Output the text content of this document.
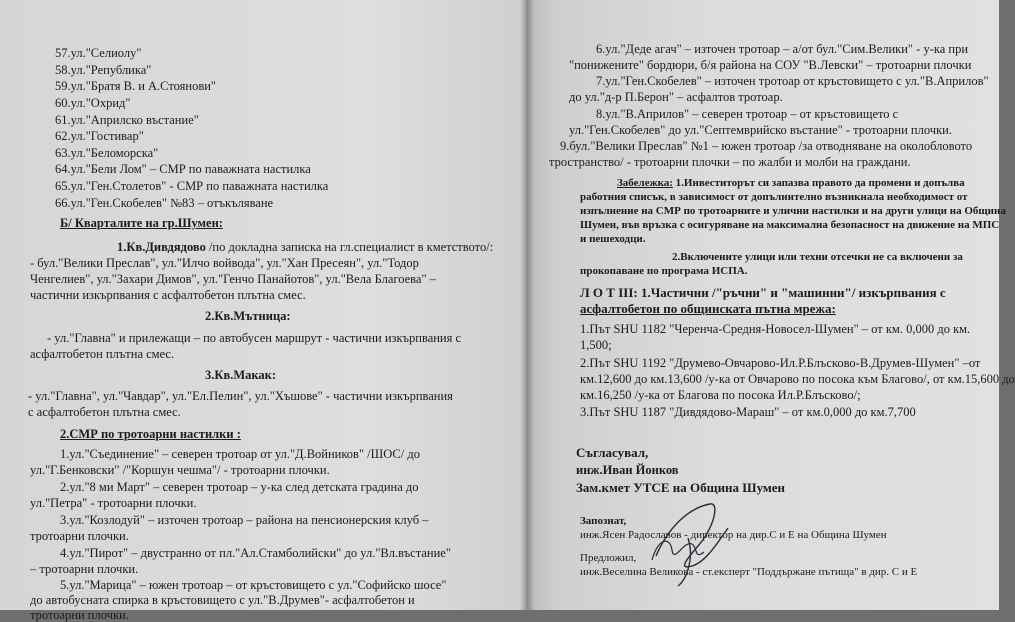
57.ул."Селиолу"
58.ул."Република"
59.ул."Братя В. и А.Стоянови"
60.ул."Охрид"
61.ул."Априлско въстание"
62.ул."Гостивар"
63.ул."Беломорска"
64.ул."Бели Лом" – СМР по паважната настилка
65.ул."Ген.Столетов" - СМР по паважната настилка
66.ул."Ген.Скобелев" №83 – отъкъляване
Б/ Кварталите на гр.Шумен:
1.Кв.Дивдядово /по докладна записка на гл.специалист в кметството/:
- бул."Велики Преслав", ул."Илчо войвода", ул."Хан Пресеян", ул."Тодор
Ченгелиев", ул."Захари Димов", ул."Генчо Панайотов", ул."Вела Благоева" –
частични изкърпвания с асфалтобетон плътна смес.
2.Кв.Мътница:
- ул."Главна" и прилежащи – по автобусен маршрут - частични изкърпвания с
асфалтобетон плътна смес.
3.Кв.Макак:
- ул."Главна", ул."Чавдар", ул."Ел.Пелин", ул."Хъшове" - частични изкърпвания
с асфалтобетон плътна смес.
2.СМР по тротоарни настилки :
1.ул."Съединение" – северен тротоар от ул."Д.Войников" /ШОС/ до
ул."Г.Бенковски" /"Коршун чешма"/ - тротоарни плочки.
2.ул."8 ми Март" – северен тротоар – у-ка след детската градина до
ул."Петра" - тротоарни плочки.
3.ул."Козлодуй" – източен тротоар – района на пенсионерския клуб –
тротоарни плочки.
4.ул."Пирот" – двустранно от пл."Ал.Стамболийски" до ул."Вл.въстание"
– тротоарни плочки.
5.ул."Марица" – южен тротоар – от кръстовището с ул."Софийско шосе"
до автобусната спирка в кръстовището с ул."В.Друмев"- асфалтобетон и
тротоарни плочки.
6.ул."Деде агач" – източен тротоар – а/от бул."Сим.Велики" - у-ка при
"понижените" бордюри, б/я района на СОУ "В.Левски" – тротоарни плочки
7.ул."Ген.Скобелев" – източен тротоар от кръстовището с ул."В.Априлов"
до ул."д-р П.Берон" – асфалтов тротоар.
8.ул."В.Априлов" – северен тротоар – от кръстовището с
ул."Ген.Скобелев" до ул."Септемврийско въстание" - тротоарни плочки.
9.бул."Велики Преслав" №1 – южен тротоар /за отводняване на околобловото
тространство/ - тротоарни плочки – по жалби и молби на граждани.
Забележка: 1.Инвеститорът си запазва правото да промени и допълва
работния списък, в зависимост от допълнително възникнала необходимост от
изпълнение на СМР по тротоарните и улични настилки и на други улици на Община
Шумен, във връзка с осигуряване на максимална безопасност на движение на МПС
и пешеходци.
2.Включените улици или техни отсечки не са включени за
прокопаване по програма ИСПА.
Л О Т III: 1.Частични /"ръчни" и "машинни"/ изкърпвания с
асфалтобетон по общинската пътна мрежа:
1.Път SHU 1182 "Черенча-Средня-Новосел-Шумен" – от км. 0,000 до км.
1,500;
2.Път SHU 1192 "Друмево-Овчарово-Ил.Р.Блъсково-В.Друмев-Шумен" –от
км.12,600 до км.13,600 /у-ка от Овчарово по посока към Благово/, от км.15,600 до
км.16,250 /у-ка от Благова по посока Ил.Р.Блъсково/;
3.Път SHU 1187 "Дивдядово-Мараш" – от км.0,000 до км.7,700
Съгласувал,
инж.Иван Йонков
Зам.кмет УТСЕ на Община Шумен
Запознат,
инж.Ясен Радославов - директор на дир.С и Е на Община Шумен
Предложил,
инж.Веселина Великова - ст.експерт "Поддържане пътища" в дир. С и Е
